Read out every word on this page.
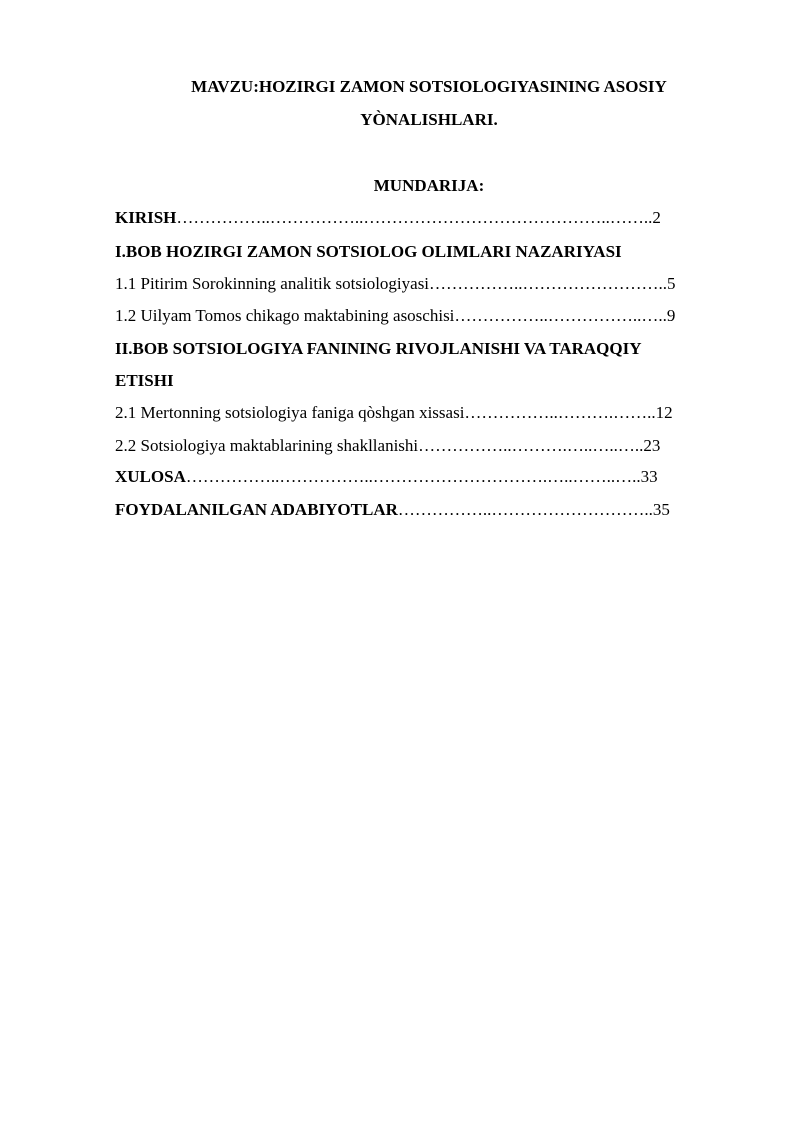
MAVZU:HOZIRGI ZAMON SOTSIOLOGIYASINING ASOSIY
YÒNALISHLARI.
MUNDARIJA:
KIRISH……………..……………..……………………………………..……..2
I.BOB HOZIRGI ZAMON SOTSIOLOG OLIMLARI NAZARIYASI
1.1 Pitirim Sorokinning analitik sotsiologiyasi……………..……………………..5
1.2 Uilyam Tomos chikago maktabining asoschisi……………..……………..…..9
II.BOB SOTSIOLOGIYA FANINING RIVOJLANISHI VA TARAQQIY
ETISHI
2.1 Mertonning sotsiologiya faniga qòshgan xissasi……………..……….……..12
2.2 Sotsiologiya maktablarining shakllanishi……………..……….…..…..…..23
XULOSA……………..……………..………………………….…..……..…..33
FOYDALANILGAN ADABIYOTLAR……………..………………………..35
